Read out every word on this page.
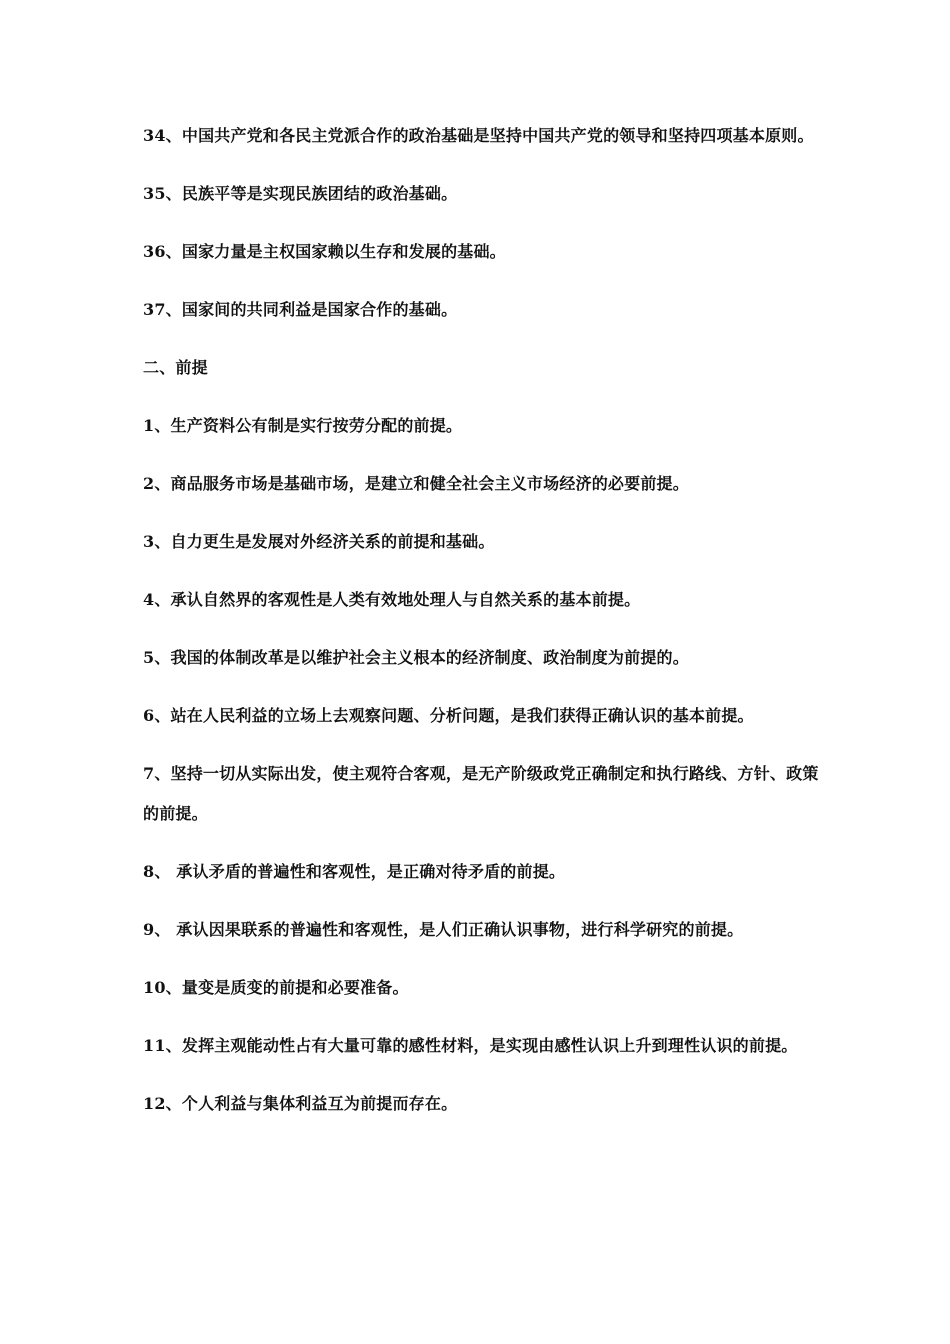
34、中国共产党和各民主党派合作的政治基础是坚持中国共产党的领导和坚持四项基本原则。

35、民族平等是实现民族团结的政治基础。

36、国家力量是主权国家赖以生存和发展的基础。

37、国家间的共同利益是国家合作的基础。

二、前提

1、生产资料公有制是实行按劳分配的前提。

2、商品服务市场是基础市场，是建立和健全社会主义市场经济的必要前提。

3、自力更生是发展对外经济关系的前提和基础。

4、承认自然界的客观性是人类有效地处理人与自然关系的基本前提。

5、我国的体制改革是以维护社会主义根本的经济制度、政治制度为前提的。

6、站在人民利益的立场上去观察问题、分析问题，是我们获得正确认识的基本前提。

7、坚持一切从实际出发，使主观符合客观，是无产阶级政党正确制定和执行路线、方针、政策的前提。

8、 承认矛盾的普遍性和客观性，是正确对待矛盾的前提。

9、 承认因果联系的普遍性和客观性，是人们正确认识事物，进行科学研究的前提。

10、量变是质变的前提和必要准备。

11、发挥主观能动性占有大量可靠的感性材料，是实现由感性认识上升到理性认识的前提。

12、个人利益与集体利益互为前提而存在。
